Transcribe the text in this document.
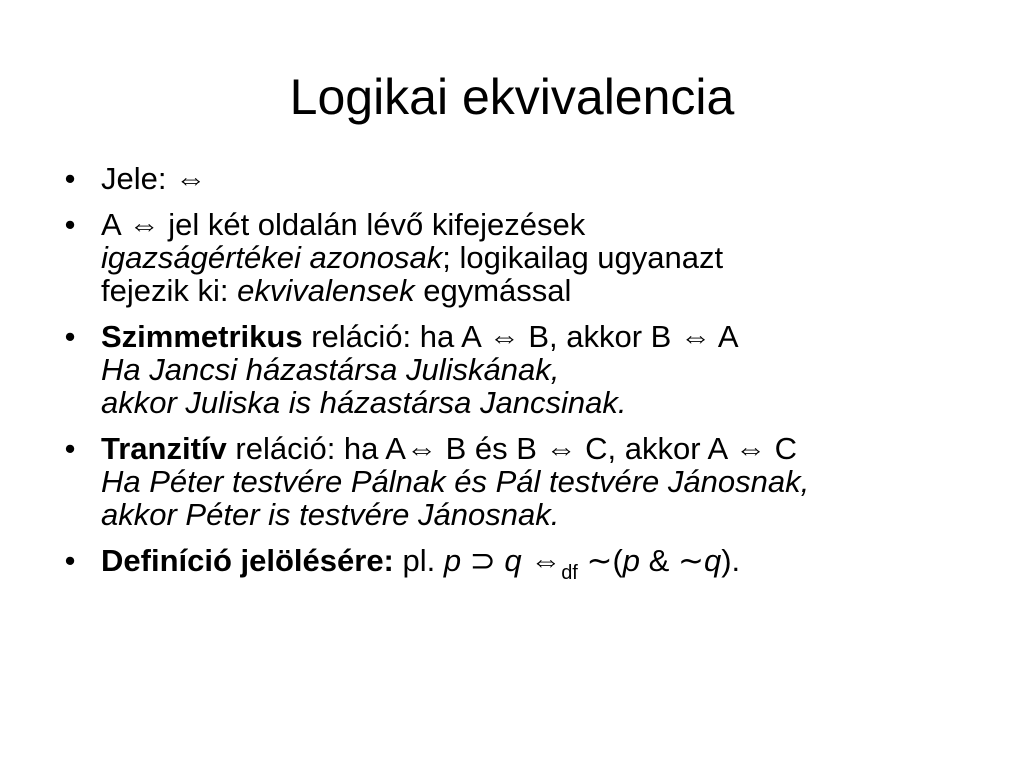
Logikai ekvivalencia
• Jele: ⇔
• A ⇔ jel két oldalán lévő kifejezések
igazságértékei azonosak; logikailag ugyanazt
fejezik ki: ekvivalensek egymással
• Szimmetrikus reláció: ha A ⇔ B, akkor B ⇔ A
Ha Jancsi házastársa Juliskának,
akkor Juliska is házastársa Jancsinak.
• Tranzitív reláció: ha A⇔ B és B ⇔ C, akkor A ⇔ C
Ha Péter testvére Pálnak és Pál testvére Jánosnak,
akkor Péter is testvére Jánosnak.
• Definíció jelölésére: pl. p ⊃ q $\Leftrightarrow_{df}$ ∼(p & ∼q).
